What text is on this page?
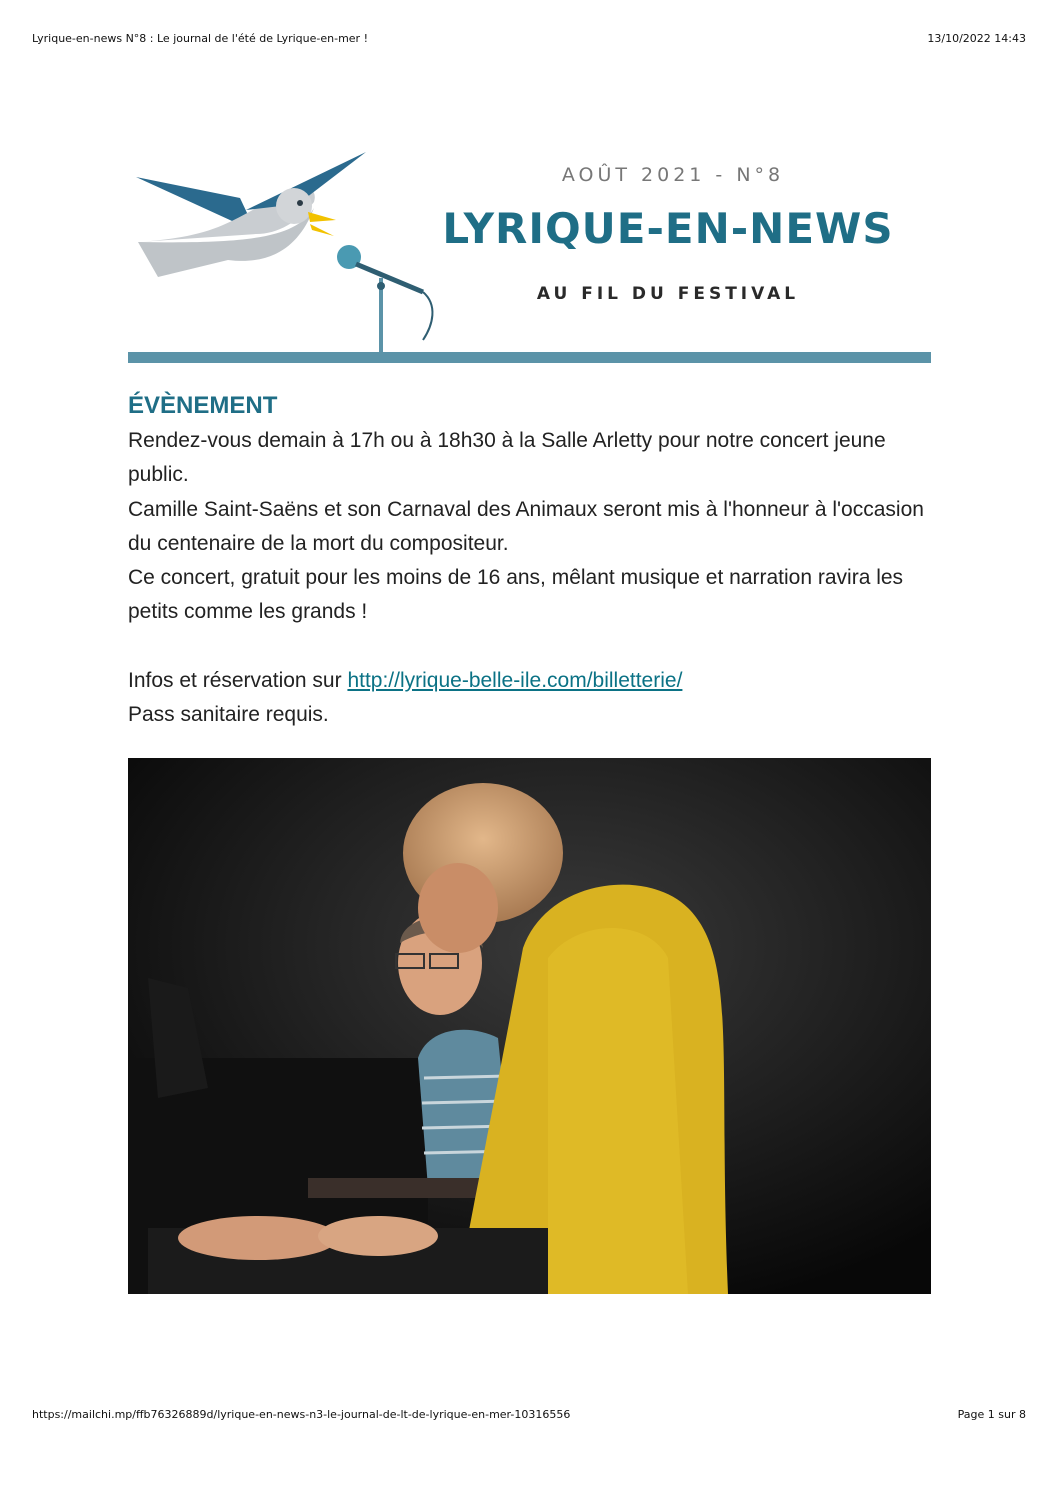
Lyrique-en-news N°8 : Le journal de l'été de Lyrique-en-mer !	13/10/2022 14:43
AOÛT 2021 - N°8
LYRIQUE-EN-NEWS
AU FIL DU FESTIVAL
ÉVÈNEMENT

Rendez-vous demain à 17h ou à 18h30 à la Salle Arletty pour notre concert jeune public.

Camille Saint-Saëns et son Carnaval des Animaux seront mis à l'honneur à l'occasion du centenaire de la mort du compositeur.

Ce concert, gratuit pour les moins de 16 ans, mêlant musique et narration ravira les petits comme les grands !

Infos et réservation sur http://lyrique-belle-ile.com/billetterie/

Pass sanitaire requis.

https://mailchi.mp/ffb76326889d/lyrique-en-news-n3-le-journal-de-lt-de-lyrique-en-mer-10316556	Page 1 sur 8
